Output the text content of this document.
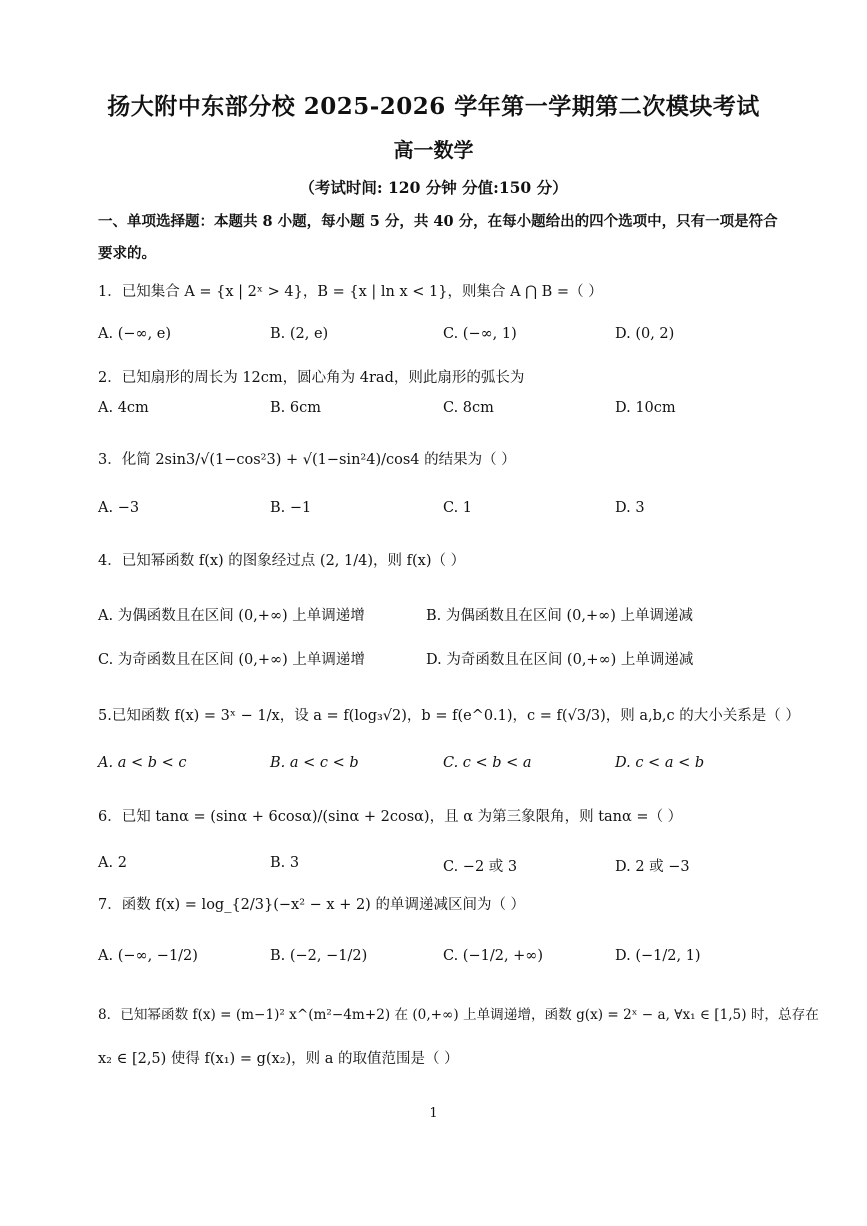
扬大附中东部分校 2025-2026 学年第一学期第二次模块考试
高一数学
（考试时间: 120 分钟 分值:150 分）
一、单项选择题：本题共 8 小题，每小题 5 分，共 40 分，在每小题给出的四个选项中，只有一项是符合
要求的。
1．已知集合 A = {x | 2ˣ > 4}，B = {x | ln x < 1}，则集合 A ⋂ B =（ ）
A. (−∞, e)	B. (2, e)	C. (−∞, 1)	D. (0, 2)
2．已知扇形的周长为 12cm，圆心角为 4rad，则此扇形的弧长为
A. 4cm	B. 6cm	C. 8cm	D. 10cm
3．化简 2sin3/√(1−cos²3) + √(1−sin²4)/cos4 的结果为（ ）
A. −3	B. −1	C. 1	D. 3
4．已知幂函数 f(x) 的图象经过点 (2, 1/4)，则 f(x)（ ）
A. 为偶函数且在区间 (0,+∞) 上单调递增	B. 为偶函数且在区间 (0,+∞) 上单调递减
C. 为奇函数且在区间 (0,+∞) 上单调递增	D. 为奇函数且在区间 (0,+∞) 上单调递减
5.已知函数 f(x) = 3ˣ − 1/x，设 a = f(log₃√2)，b = f(e^0.1)，c = f(√3/3)，则 a,b,c 的大小关系是（ ）
A. a < b < c	B. a < c < b	C. c < b < a	D. c < a < b
6．已知 tanα = (sinα + 6cosα)/(sinα + 2cosα)，且 α 为第三象限角，则 tanα =（ ）
A. 2	B. 3	C. −2 或 3	D. 2 或 −3
7．函数 f(x) = log_{2/3}(−x² − x + 2) 的单调递减区间为（ ）
A. (−∞, −1/2)	B. (−2, −1/2)	C. (−1/2, +∞)	D. (−1/2, 1)
8．已知幂函数 f(x) = (m−1)² x^(m²−4m+2) 在 (0,+∞) 上单调递增，函数 g(x) = 2ˣ − a, ∀x₁ ∈ [1,5) 时，总存在
x₂ ∈ [2,5) 使得 f(x₁) = g(x₂)，则 a 的取值范围是（ ）
1
